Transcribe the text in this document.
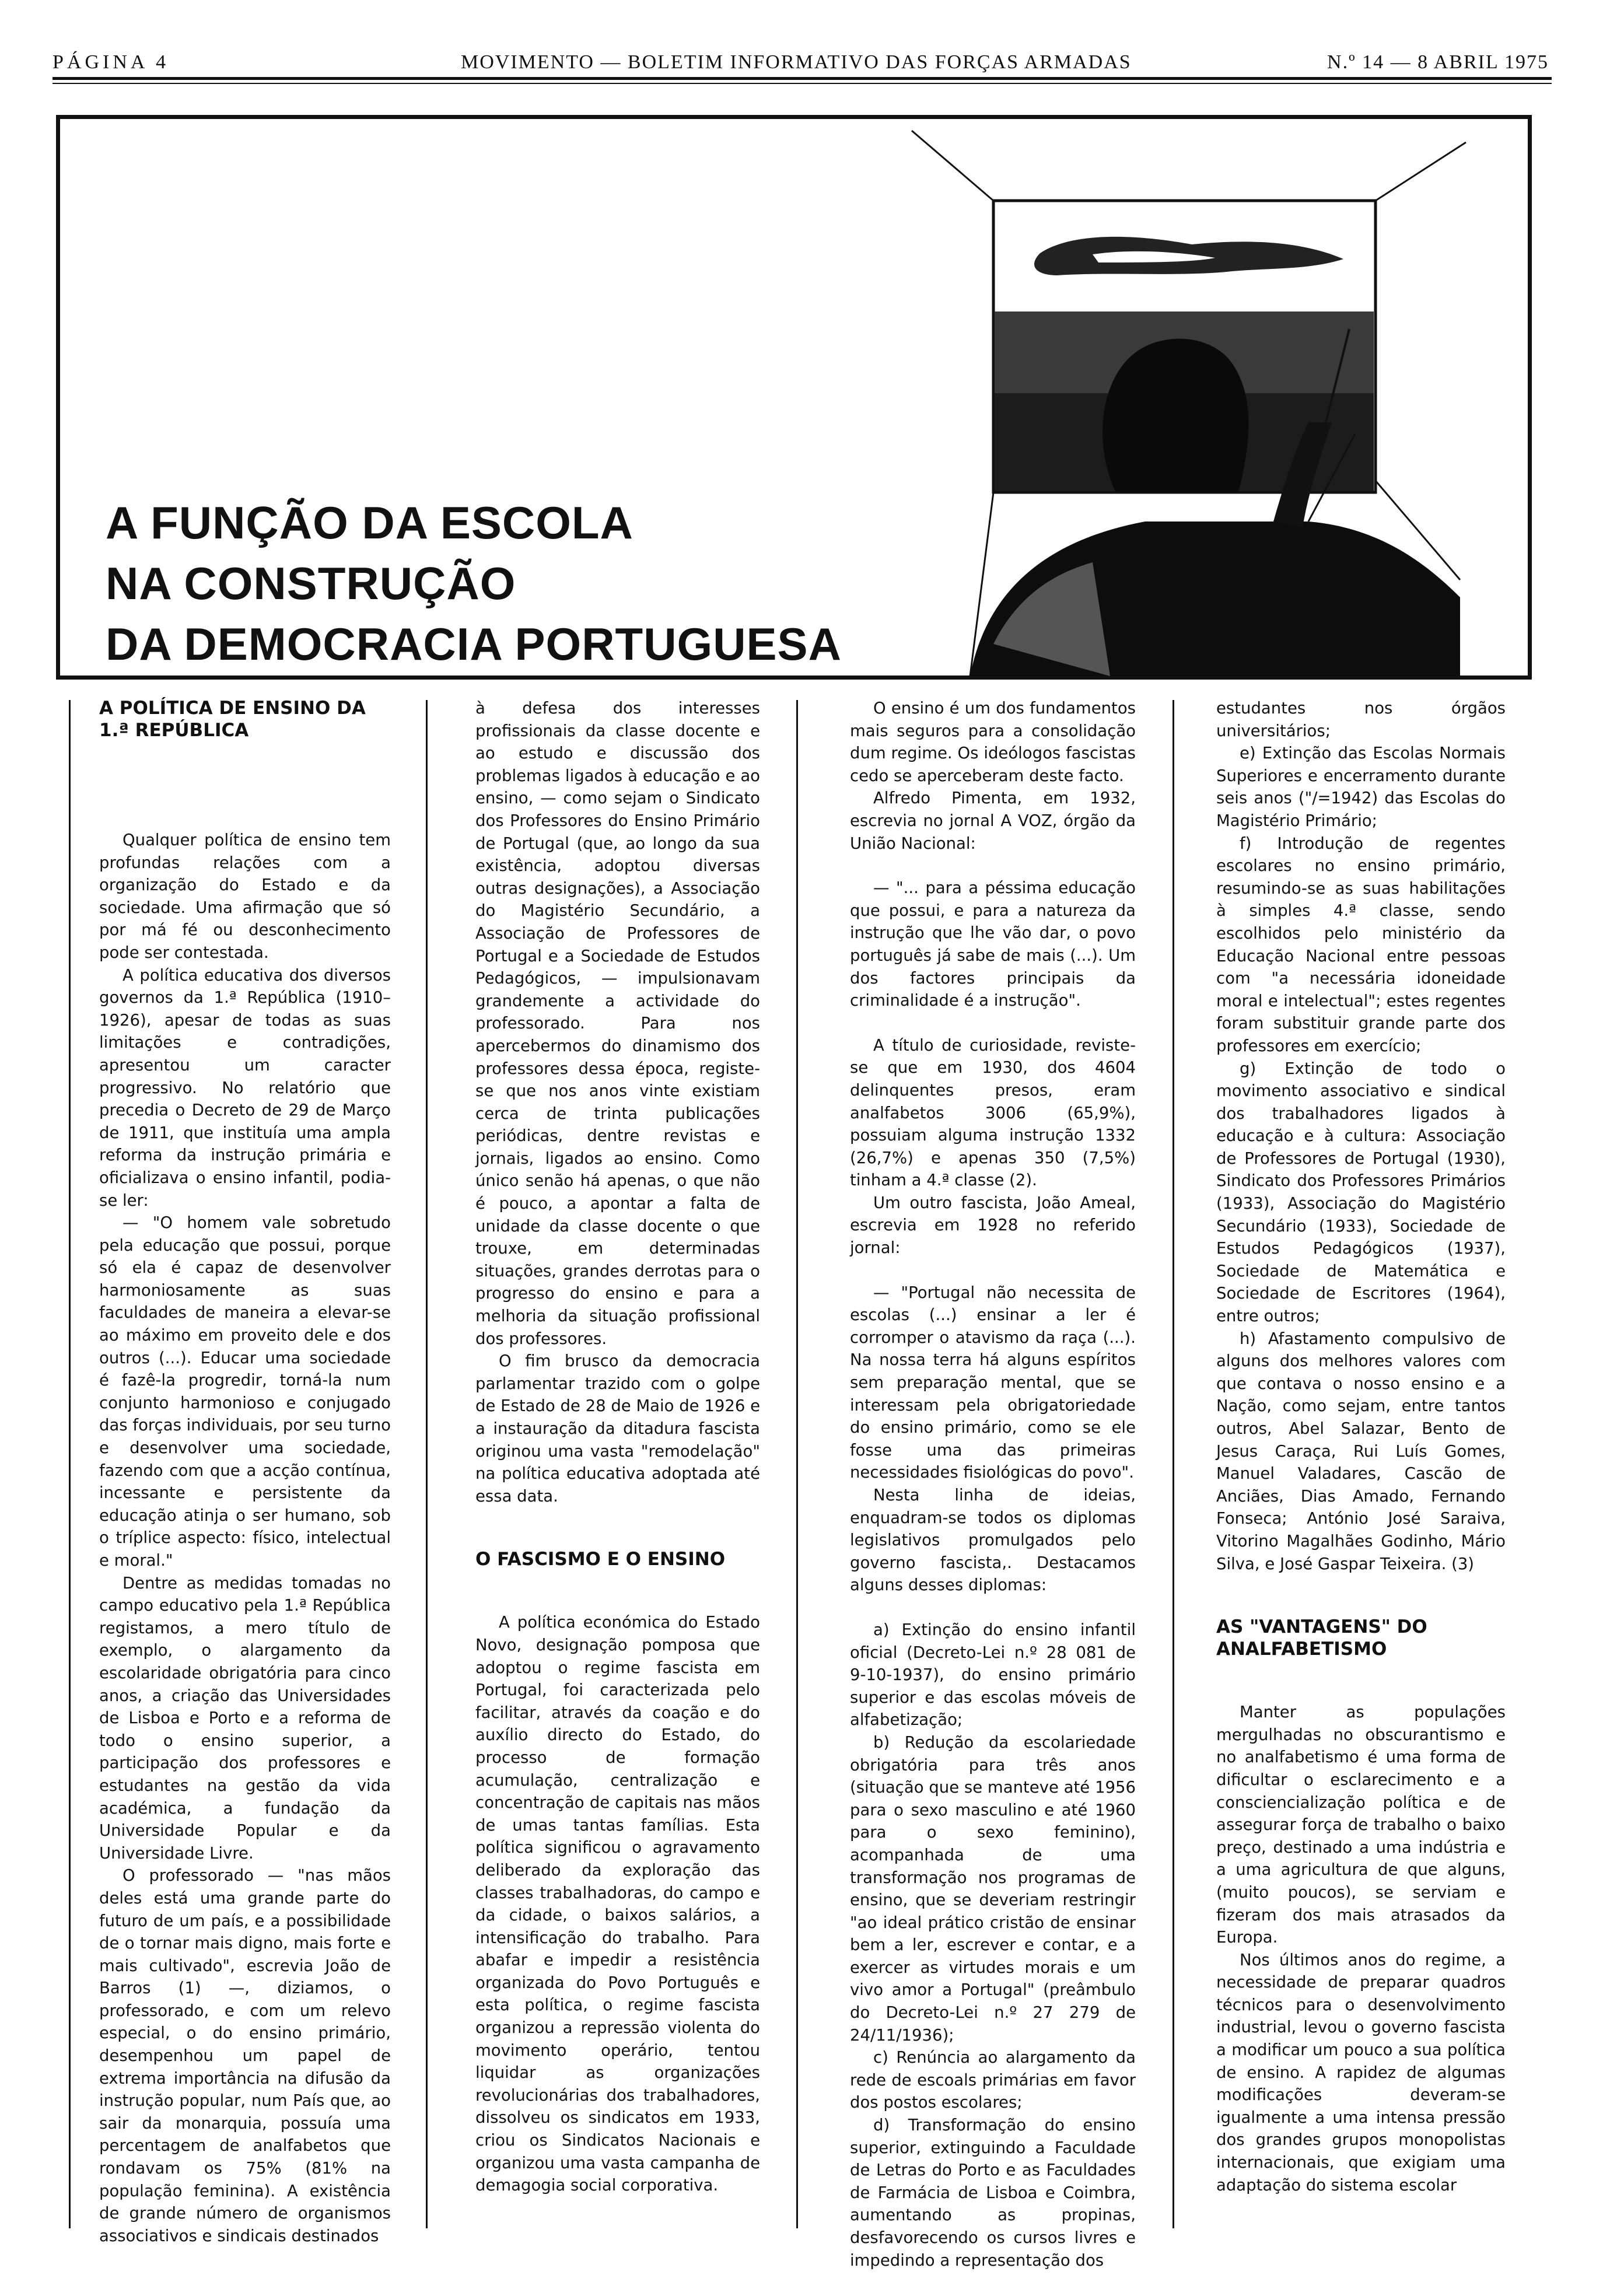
PÁGINA 4	MOVIMENTO — BOLETIM INFORMATIVO DAS FORÇAS ARMADAS	N.º 14 — 8 ABRIL 1975
A FUNÇÃO DA ESCOLA
NA CONSTRUÇÃO
DA DEMOCRACIA PORTUGUESA

A POLÍTICA DE ENSINO DA 1.ª REPÚBLICA

Qualquer política de ensino tem profundas relações com a organização do Estado e da sociedade. Uma afirmação que só por má fé ou desconhecimento pode ser contestada.

A política educativa dos diversos governos da 1.ª República (1910–1926), apesar de todas as suas limitações e contradições, apresentou um caracter progressivo. No relatório que precedia o Decreto de 29 de Março de 1911, que instituía uma ampla reforma da instrução primária e oficializava o ensino infantil, podia-se ler:

— "O homem vale sobretudo pela educação que possui, porque só ela é capaz de desenvolver harmoniosamente as suas faculdades de maneira a elevar-se ao máximo em proveito dele e dos outros (...). Educar uma sociedade é fazê-la progredir, torná-la num conjunto harmonioso e conjugado das forças individuais, por seu turno e desenvolver uma sociedade, fazendo com que a acção contínua, incessante e persistente da educação atinja o ser humano, sob o tríplice aspecto: físico, intelectual e moral."

Dentre as medidas tomadas no campo educativo pela 1.ª República registamos, a mero título de exemplo, o alargamento da escolaridade obrigatória para cinco anos, a criação das Universidades de Lisboa e Porto e a reforma de todo o ensino superior, a participação dos professores e estudantes na gestão da vida académica, a fundação da Universidade Popular e da Universidade Livre.

O professorado — "nas mãos deles está uma grande parte do futuro de um país, e a possibilidade de o tornar mais digno, mais forte e mais cultivado", escrevia João de Barros (1) —, diziamos, o professorado, e com um relevo especial, o do ensino primário, desempenhou um papel de extrema importância na difusão da instrução popular, num País que, ao sair da monarquia, possuía uma percentagem de analfabetos que rondavam os 75% (81% na população feminina). A existência de grande número de organismos associativos e sindicais destinados

à defesa dos interesses profissionais da classe docente e ao estudo e discussão dos problemas ligados à educação e ao ensino, — como sejam o Sindicato dos Professores do Ensino Primário de Portugal (que, ao longo da sua existência, adoptou diversas outras designações), a Associação do Magistério Secundário, a Associação de Professores de Portugal e a Sociedade de Estudos Pedagógicos, — impulsionavam grandemente a actividade do professorado. Para nos apercebermos do dinamismo dos professores dessa época, registe-se que nos anos vinte existiam cerca de trinta publicações periódicas, dentre revistas e jornais, ligados ao ensino. Como único senão há apenas, o que não é pouco, a apontar a falta de unidade da classe docente o que trouxe, em determinadas situações, grandes derrotas para o progresso do ensino e para a melhoria da situação profissional dos professores.

O fim brusco da democracia parlamentar trazido com o golpe de Estado de 28 de Maio de 1926 e a instauração da ditadura fascista originou uma vasta "remodelação" na política educativa adoptada até essa data.

O FASCISMO E O ENSINO

A política económica do Estado Novo, designação pomposa que adoptou o regime fascista em Portugal, foi caracterizada pelo facilitar, através da coação e do auxílio directo do Estado, do processo de formação acumulação, centralização e concentração de capitais nas mãos de umas tantas famílias. Esta política significou o agravamento deliberado da exploração das classes trabalhadoras, do campo e da cidade, o baixos salários, a intensificação do trabalho. Para abafar e impedir a resistência organizada do Povo Português e esta política, o regime fascista organizou a repressão violenta do movimento operário, tentou liquidar as organizações revolucionárias dos trabalhadores, dissolveu os sindicatos em 1933, criou os Sindicatos Nacionais e organizou uma vasta campanha de demagogia social corporativa.

O ensino é um dos fundamentos mais seguros para a consolidação dum regime. Os ideólogos fascistas cedo se aperceberam deste facto.

Alfredo Pimenta, em 1932, escrevia no jornal A VOZ, órgão da União Nacional:

— "... para a péssima educação que possui, e para a natureza da instrução que lhe vão dar, o povo português já sabe de mais (...). Um dos factores principais da criminalidade é a instrução".

A título de curiosidade, reviste-se que em 1930, dos 4604 delinquentes presos, eram analfabetos 3006 (65,9%), possuiam alguma instrução 1332 (26,7%) e apenas 350 (7,5%) tinham a 4.ª classe (2).

Um outro fascista, João Ameal, escrevia em 1928 no referido jornal:

— "Portugal não necessita de escolas (...) ensinar a ler é corromper o atavismo da raça (...). Na nossa terra há alguns espíritos sem preparação mental, que se interessam pela obrigatoriedade do ensino primário, como se ele fosse uma das primeiras necessidades fisiológicas do povo".

Nesta linha de ideias, enquadram-se todos os diplomas legislativos promulgados pelo governo fascista,. Destacamos alguns desses diplomas:

a) Extinção do ensino infantil oficial (Decreto-Lei n.º 28 081 de 9-10-1937), do ensino primário superior e das escolas móveis de alfabetização;

b) Redução da escolariedade obrigatória para três anos (situação que se manteve até 1956 para o sexo masculino e até 1960 para o sexo feminino), acompanhada de uma transformação nos programas de ensino, que se deveriam restringir "ao ideal prático cristão de ensinar bem a ler, escrever e contar, e a exercer as virtudes morais e um vivo amor a Portugal" (preâmbulo do Decreto-Lei n.º 27 279 de 24/11/1936);

c) Renúncia ao alargamento da rede de escoals primárias em favor dos postos escolares;

d) Transformação do ensino superior, extinguindo a Faculdade de Letras do Porto e as Faculdades de Farmácia de Lisboa e Coimbra, aumentando as propinas, desfavorecendo os cursos livres e impedindo a representação dos

estudantes nos órgãos universitários;

e) Extinção das Escolas Normais Superiores e encerramento durante seis anos ("/=1942) das Escolas do Magistério Primário;

f) Introdução de regentes escolares no ensino primário, resumindo-se as suas habilitações à simples 4.ª classe, sendo escolhidos pelo ministério da Educação Nacional entre pessoas com "a necessária idoneidade moral e intelectual"; estes regentes foram substituir grande parte dos professores em exercício;

g) Extinção de todo o movimento associativo e sindical dos trabalhadores ligados à educação e à cultura: Associação de Professores de Portugal (1930), Sindicato dos Professores Primários (1933), Associação do Magistério Secundário (1933), Sociedade de Estudos Pedagógicos (1937), Sociedade de Matemática e Sociedade de Escritores (1964), entre outros;

h) Afastamento compulsivo de alguns dos melhores valores com que contava o nosso ensino e a Nação, como sejam, entre tantos outros, Abel Salazar, Bento de Jesus Caraça, Rui Luís Gomes, Manuel Valadares, Cascão de Anciães, Dias Amado, Fernando Fonseca; António José Saraiva, Vitorino Magalhães Godinho, Mário Silva, e José Gaspar Teixeira. (3)

AS "VANTAGENS" DO ANALFABETISMO

Manter as populações mergulhadas no obscurantismo e no analfabetismo é uma forma de dificultar o esclarecimento e a consciencialização política e de assegurar força de trabalho o baixo preço, destinado a uma indústria e a uma agricultura de que alguns, (muito poucos), se serviam e fizeram dos mais atrasados da Europa.

Nos últimos anos do regime, a necessidade de preparar quadros técnicos para o desenvolvimento industrial, levou o governo fascista a modificar um pouco a sua política de ensino. A rapidez de algumas modificações deveram-se igualmente a uma intensa pressão dos grandes grupos monopolistas internacionais, que exigiam uma adaptação do sistema escolar
